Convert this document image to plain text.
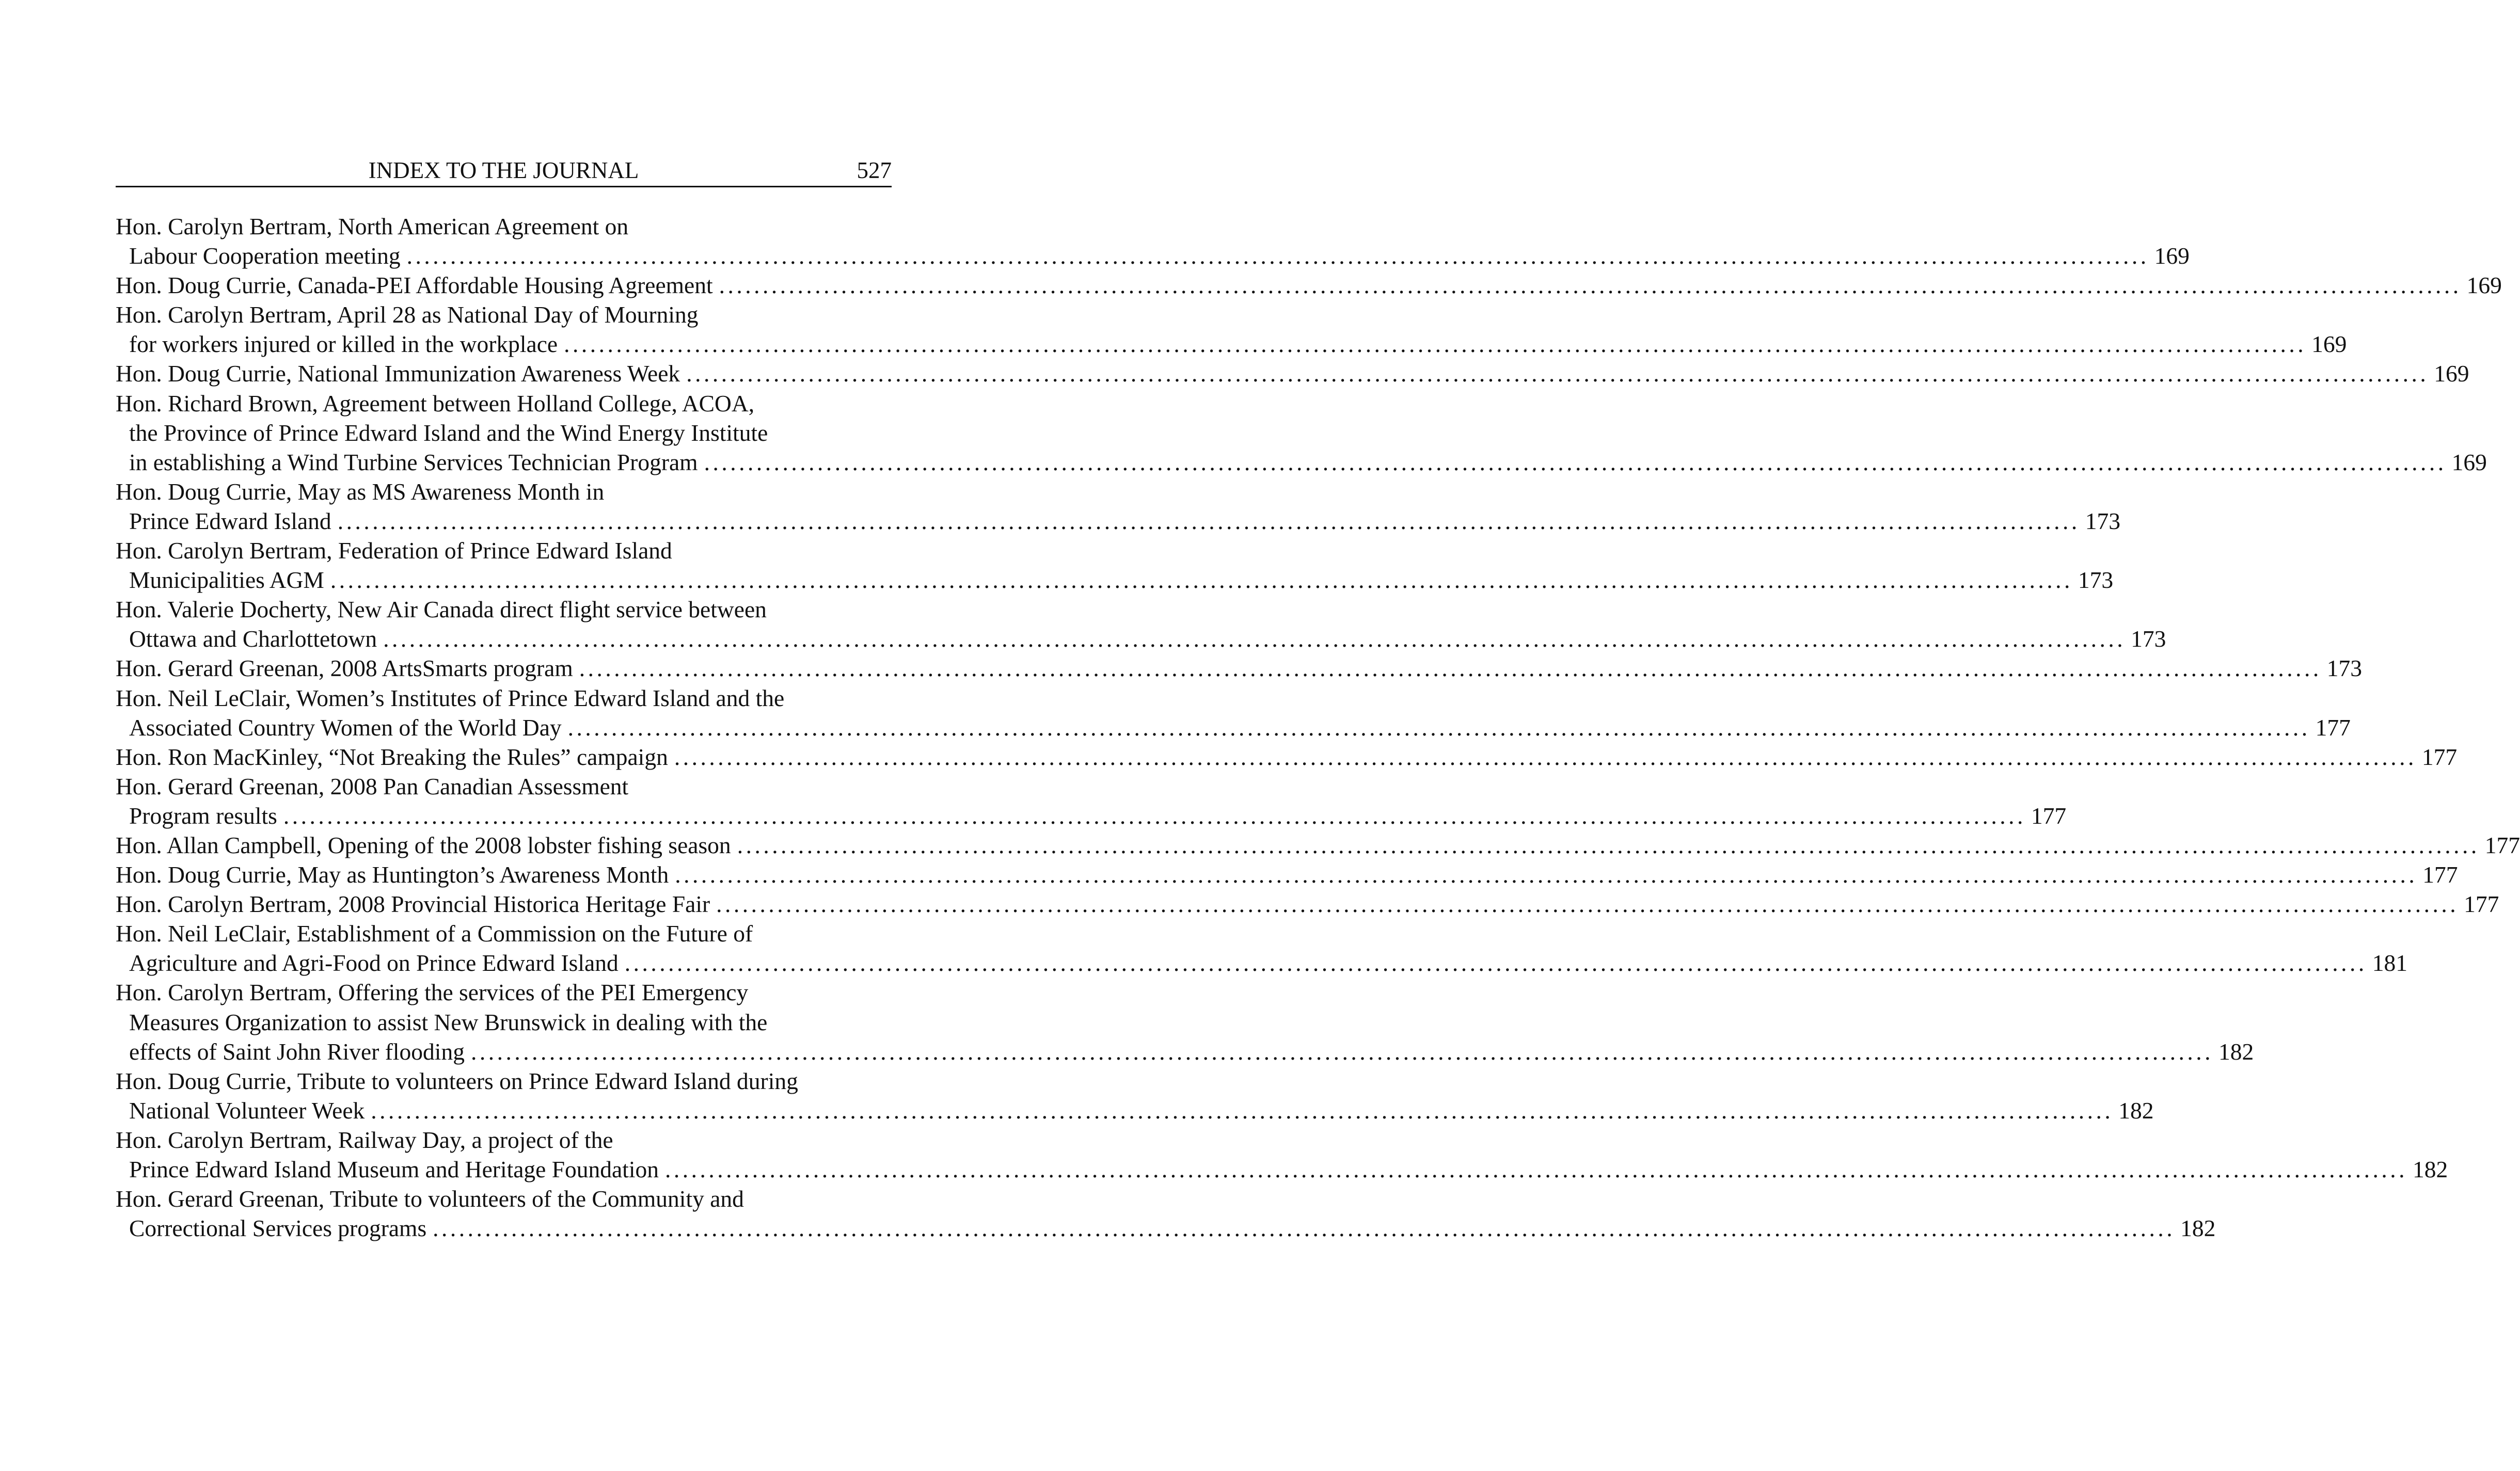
INDEX TO THE JOURNAL	527
Hon. Carolyn Bertram, North American Agreement on
Labour Cooperation meeting ........................................................................................................................................................................................................ 169
Hon. Doug Currie, Canada-PEI Affordable Housing Agreement ........................................................................................................................................................................................................ 169
Hon. Carolyn Bertram, April 28 as National Day of Mourning
for workers injured or killed in the workplace ........................................................................................................................................................................................................ 169
Hon. Doug Currie, National Immunization Awareness Week ........................................................................................................................................................................................................ 169
Hon. Richard Brown, Agreement between Holland College, ACOA,
the Province of Prince Edward Island and the Wind Energy Institute
in establishing a Wind Turbine Services Technician Program ........................................................................................................................................................................................................ 169
Hon. Doug Currie, May as MS Awareness Month in
Prince Edward Island ........................................................................................................................................................................................................ 173
Hon. Carolyn Bertram, Federation of Prince Edward Island
Municipalities AGM ........................................................................................................................................................................................................ 173
Hon. Valerie Docherty, New Air Canada direct flight service between
Ottawa and Charlottetown ........................................................................................................................................................................................................ 173
Hon. Gerard Greenan, 2008 ArtsSmarts program ........................................................................................................................................................................................................ 173
Hon. Neil LeClair, Women’s Institutes of Prince Edward Island and the
Associated Country Women of the World Day ........................................................................................................................................................................................................ 177
Hon. Ron MacKinley, “Not Breaking the Rules” campaign ........................................................................................................................................................................................................ 177
Hon. Gerard Greenan, 2008 Pan Canadian Assessment
Program results ........................................................................................................................................................................................................ 177
Hon. Allan Campbell, Opening of the 2008 lobster fishing season ........................................................................................................................................................................................................ 177
Hon. Doug Currie, May as Huntington’s Awareness Month ........................................................................................................................................................................................................ 177
Hon. Carolyn Bertram, 2008 Provincial Historica Heritage Fair ........................................................................................................................................................................................................ 177
Hon. Neil LeClair, Establishment of a Commission on the Future of
Agriculture and Agri-Food on Prince Edward Island ........................................................................................................................................................................................................ 181
Hon. Carolyn Bertram, Offering the services of the PEI Emergency
Measures Organization to assist New Brunswick in dealing with the
effects of Saint John River flooding ........................................................................................................................................................................................................ 182
Hon. Doug Currie, Tribute to volunteers on Prince Edward Island during
National Volunteer Week ........................................................................................................................................................................................................ 182
Hon. Carolyn Bertram, Railway Day, a project of the
Prince Edward Island Museum and Heritage Foundation ........................................................................................................................................................................................................ 182
Hon. Gerard Greenan, Tribute to volunteers of the Community and
Correctional Services programs ........................................................................................................................................................................................................ 182
